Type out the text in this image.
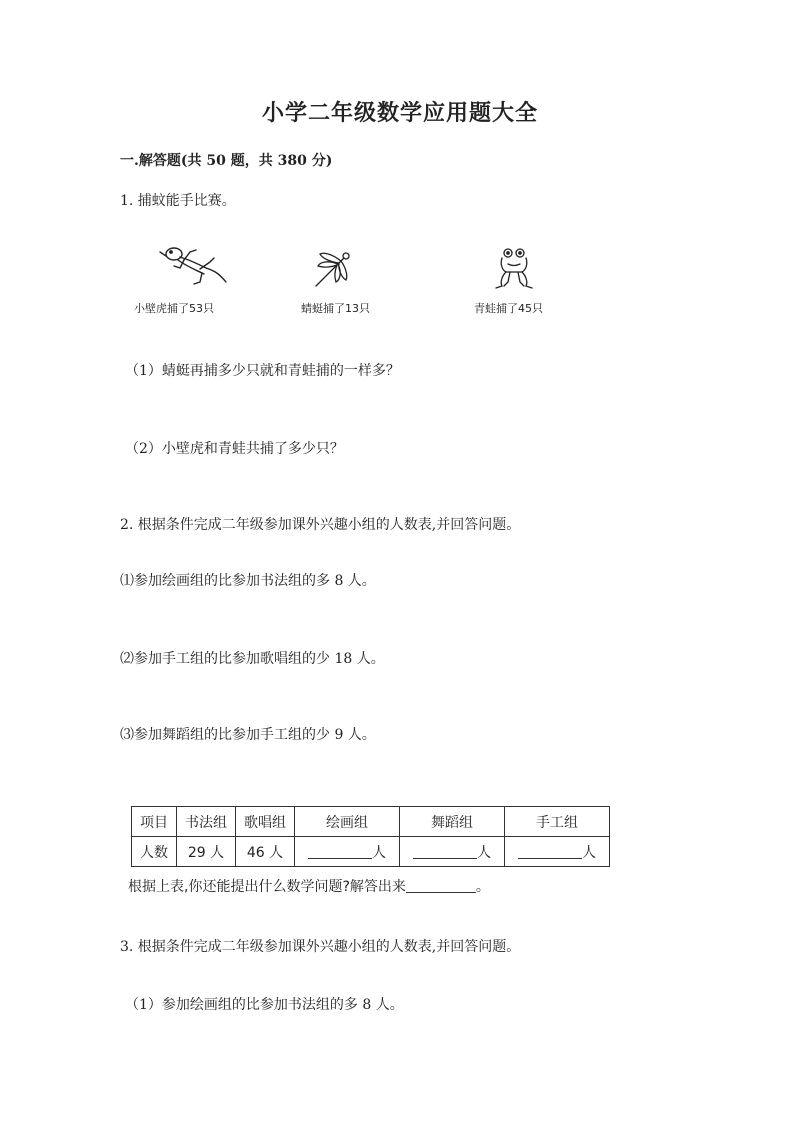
小学二年级数学应用题大全
一.解答题(共 50 题，共 380 分)
1. 捕蚊能手比赛。
小壁虎捕了53只	蜻蜓捕了13只	青蛙捕了45只
（1）蜻蜓再捕多少只就和青蛙捕的一样多？
（2）小壁虎和青蛙共捕了多少只？
2. 根据条件完成二年级参加课外兴趣小组的人数表,并回答问题。
⑴参加绘画组的比参加书法组的多 8 人。
⑵参加手工组的比参加歌唱组的少 18 人。
⑶参加舞蹈组的比参加手工组的少 9 人。
项目	书法组	歌唱组	绘画组	舞蹈组	手工组
人数	29 人	46 人	人	人	人
根据上表,你还能提出什么数学问题?解答出来	。
3. 根据条件完成二年级参加课外兴趣小组的人数表,并回答问题。
（1）参加绘画组的比参加书法组的多 8 人。
